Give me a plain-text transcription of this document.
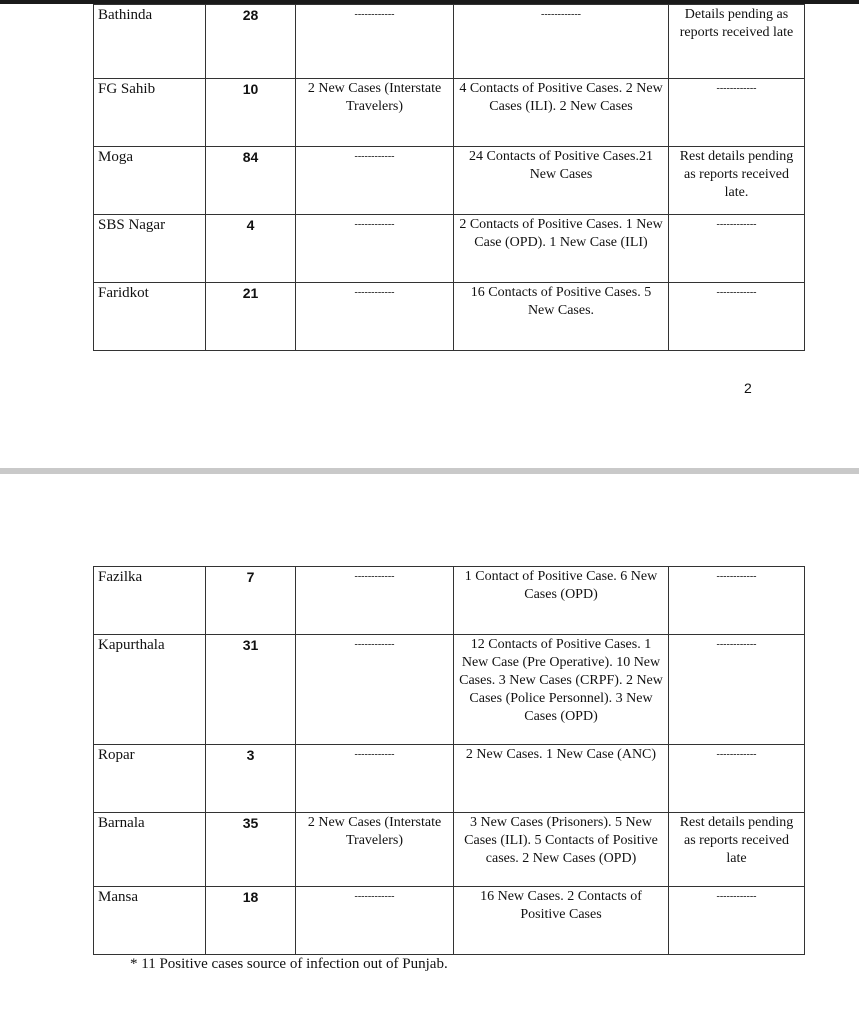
Bathinda	28	------------	------------	Details pending as reports received late
FG Sahib	10	2 New Cases (Interstate Travelers)	4 Contacts of Positive Cases. 2 New Cases (ILI). 2 New Cases	------------

Moga	84	------------	24 Contacts of Positive Cases.21 New Cases	Rest details pending as reports received late.
SBS Nagar	4	------------	2 Contacts of Positive Cases. 1 New Case (OPD). 1 New Case (ILI)	------------

Faridkot	21	------------	16 Contacts of Positive Cases. 5 New Cases.	------------
2
Fazilka	7	------------	1 Contact of Positive Case. 6 New Cases (OPD)	------------

Kapurthala	31	------------	12 Contacts of Positive Cases. 1 New Case (Pre Operative). 10 New Cases. 3 New Cases (CRPF). 2 New Cases (Police Personnel). 3 New Cases (OPD)	------------

Ropar	3	------------	2 New Cases. 1 New Case (ANC)	------------

Barnala	35	2 New Cases (Interstate Travelers)	3 New Cases (Prisoners). 5 New Cases (ILI). 5 Contacts of Positive cases. 2 New Cases (OPD)	Rest details pending as reports received late
Mansa	18	------------	16 New Cases. 2 Contacts of Positive Cases	------------
* 11 Positive cases source of infection out of Punjab.
